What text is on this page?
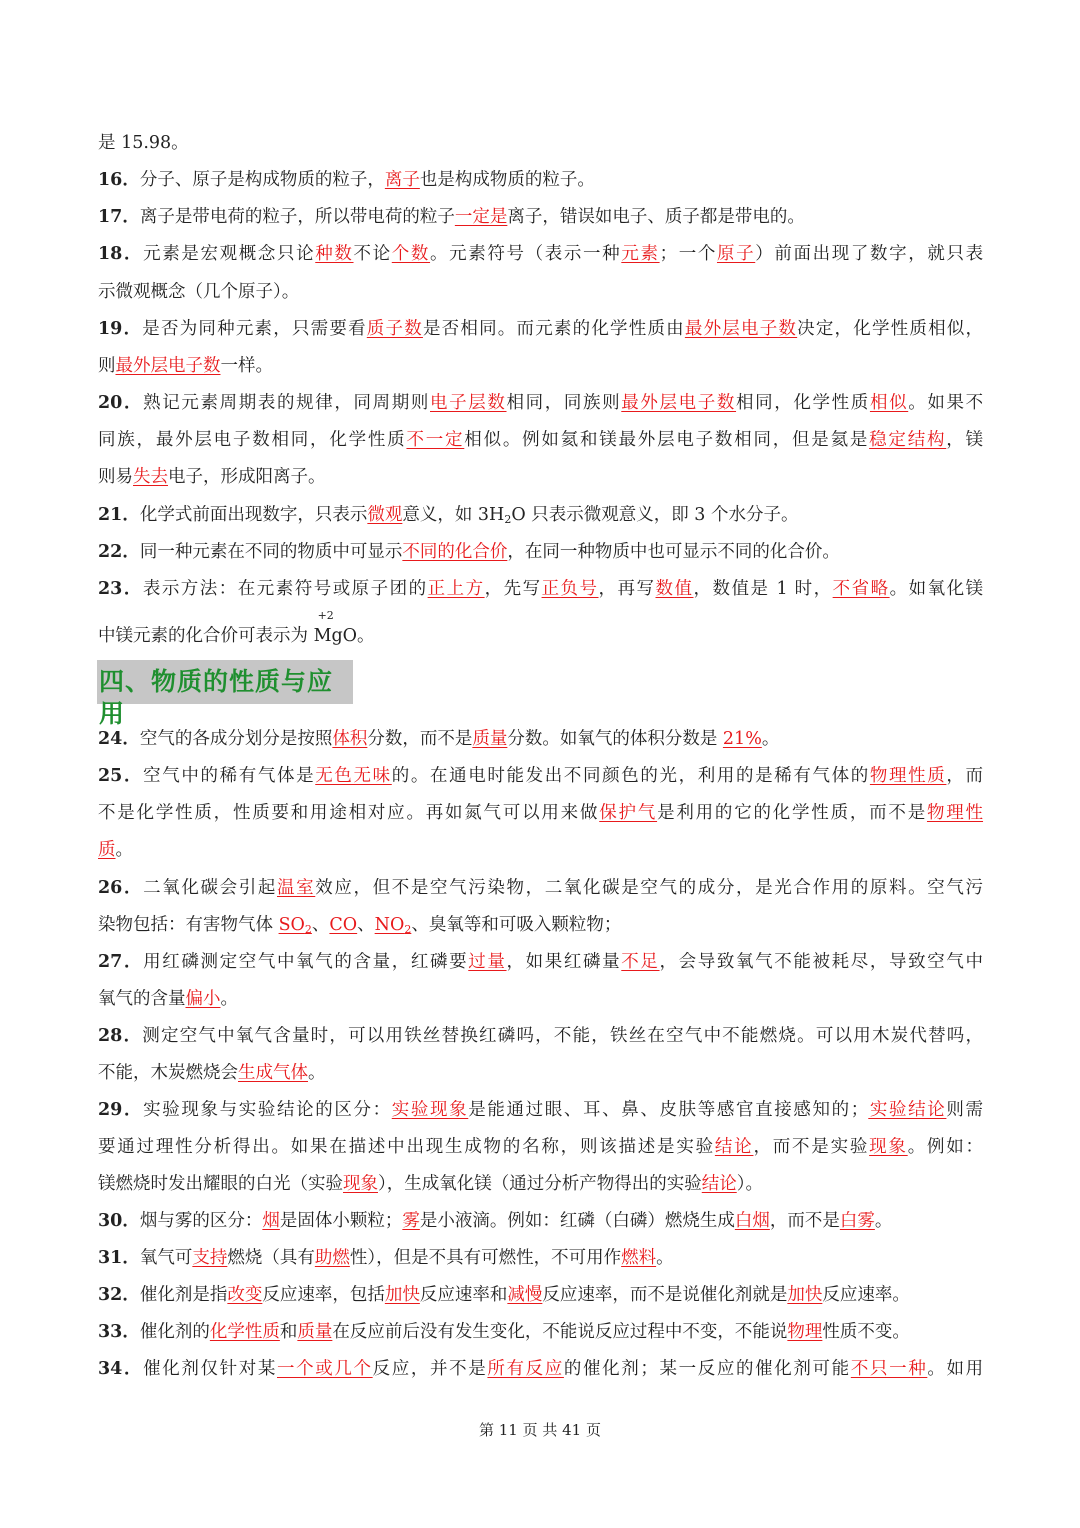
是 15.98。
16．分子、原子是构成物质的粒子，离子也是构成物质的粒子。
17．离子是带电荷的粒子，所以带电荷的粒子一定是离子，错误如电子、质子都是带电的。
18．元素是宏观概念只论种数不论个数。元素符号（表示一种元素；一个原子）前面出现了数字，就只表
示微观概念（几个原子）。
19．是否为同种元素，只需要看质子数是否相同。而元素的化学性质由最外层电子数决定，化学性质相似，
则最外层电子数一样。
20．熟记元素周期表的规律，同周期则电子层数相同，同族则最外层电子数相同，化学性质相似。如果不
同族，最外层电子数相同，化学性质不一定相似。例如氦和镁最外层电子数相同，但是氦是稳定结构，镁
则易失去电子，形成阳离子。
21．化学式前面出现数字，只表示微观意义，如 $3H_2O$ 只表示微观意义，即 3 个水分子。
22．同一种元素在不同的物质中可显示不同的化合价，在同一种物质中也可显示不同的化合价。
23．表示方法：在元素符号或原子团的正上方，先写正负号，再写数值，数值是 1 时，不省略。如氧化镁
中镁元素的化合价可表示为
+2
MgO。
四、物质的性质与应用
24．空气的各成分划分是按照体积分数，而不是质量分数。如氧气的体积分数是 21%。
25．空气中的稀有气体是无色无味的。在通电时能发出不同颜色的光，利用的是稀有气体的物理性质，而
不是化学性质，性质要和用途相对应。再如氮气可以用来做保护气是利用的它的化学性质，而不是物理性
质。
26．二氧化碳会引起温室效应，但不是空气污染物，二氧化碳是空气的成分，是光合作用的原料。空气污
染物包括：有害物气体 $SO_2$、CO、$NO_2$、臭氧等和可吸入颗粒物；
27．用红磷测定空气中氧气的含量，红磷要过量，如果红磷量不足，会导致氧气不能被耗尽，导致空气中
氧气的含量偏小。
28．测定空气中氧气含量时，可以用铁丝替换红磷吗，不能，铁丝在空气中不能燃烧。可以用木炭代替吗，
不能，木炭燃烧会生成气体。
29．实验现象与实验结论的区分：实验现象是能通过眼、耳、鼻、皮肤等感官直接感知的；实验结论则需
要通过理性分析得出。如果在描述中出现生成物的名称，则该描述是实验结论，而不是实验现象。例如：
镁燃烧时发出耀眼的白光（实验现象），生成氧化镁（通过分析产物得出的实验结论）。
30．烟与雾的区分：烟是固体小颗粒；雾是小液滴。例如：红磷（白磷）燃烧生成白烟，而不是白雾。
31．氧气可支持燃烧（具有助燃性），但是不具有可燃性，不可用作燃料。
32．催化剂是指改变反应速率，包括加快反应速率和减慢反应速率，而不是说催化剂就是加快反应速率。
33．催化剂的化学性质和质量在反应前后没有发生变化，不能说反应过程中不变，不能说物理性质不变。
34．催化剂仅针对某一个或几个反应，并不是所有反应的催化剂；某一反应的催化剂可能不只一种。如用
第 11 页 共 41 页
